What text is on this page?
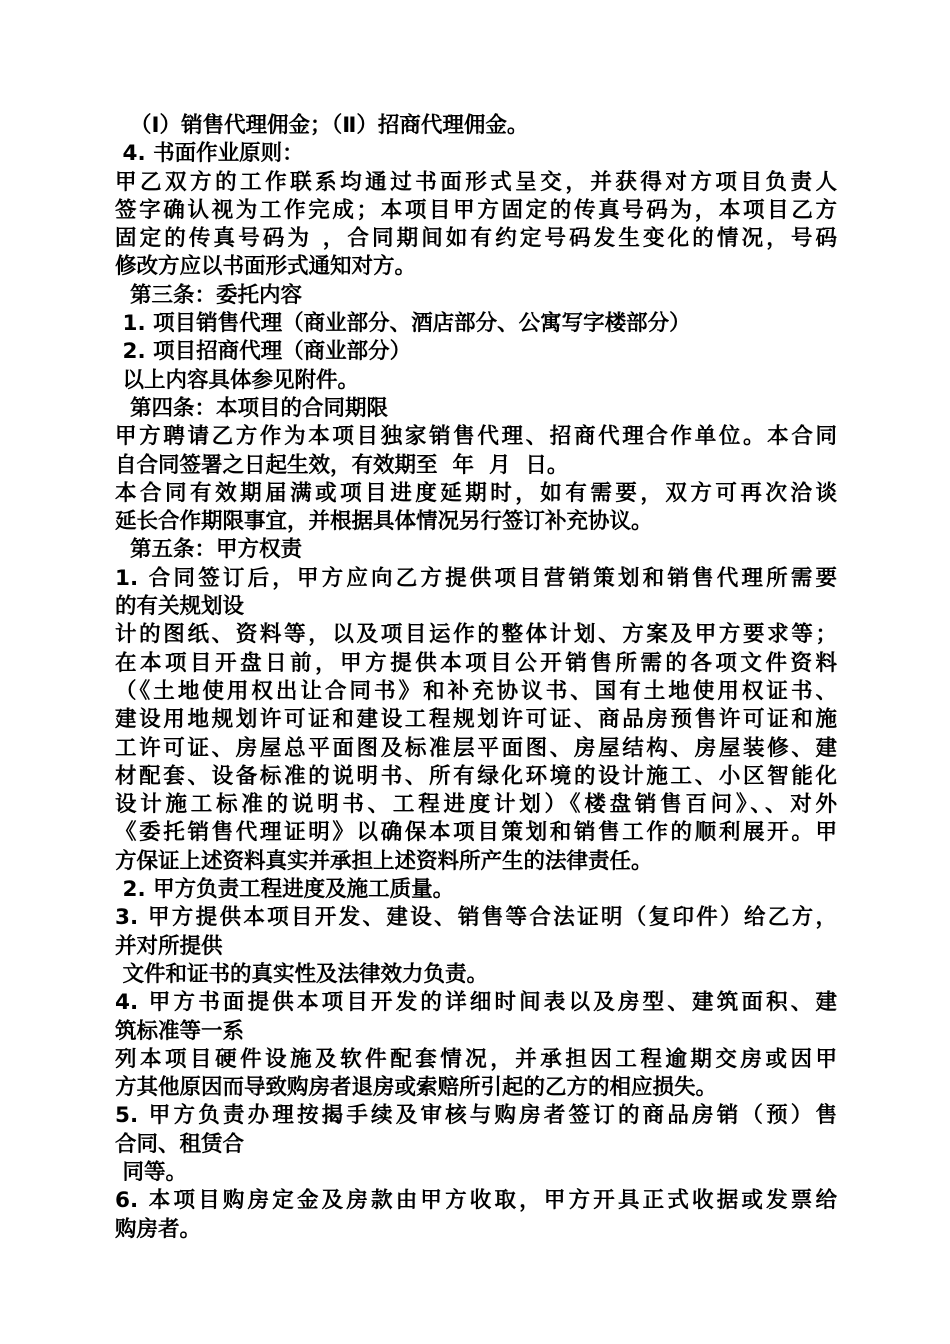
（Ⅰ）销售代理佣金；（Ⅱ）招商代理佣金。
4. 书面作业原则：
甲乙双方的工作联系均通过书面形式呈交，并获得对方项目负责人
签字确认视为工作完成；本项目甲方固定的传真号码为，本项目乙方
固定的传真号码为 ，合同期间如有约定号码发生变化的情况，号码
修改方应以书面形式通知对方。
第三条：委托内容
1. 项目销售代理（商业部分、酒店部分、公寓写字楼部分）
2. 项目招商代理（商业部分）
以上内容具体参见附件。
第四条：本项目的合同期限
甲方聘请乙方作为本项目独家销售代理、招商代理合作单位。本合同
自合同签署之日起生效，有效期至  年  月  日。
本合同有效期届满或项目进度延期时，如有需要，双方可再次洽谈
延长合作期限事宜，并根据具体情况另行签订补充协议。
第五条：甲方权责
1. 合同签订后，甲方应向乙方提供项目营销策划和销售代理所需要
的有关规划设
计的图纸、资料等，以及项目运作的整体计划、方案及甲方要求等；
在本项目开盘日前，甲方提供本项目公开销售所需的各项文件资料
（《土地使用权出让合同书》和补充协议书、国有土地使用权证书、
建设用地规划许可证和建设工程规划许可证、商品房预售许可证和施
工许可证、房屋总平面图及标准层平面图、房屋结构、房屋装修、建
材配套、设备标准的说明书、所有绿化环境的设计施工、小区智能化
设计施工标准的说明书、工程进度计划）《楼盘销售百问》、、对外
《委托销售代理证明》以确保本项目策划和销售工作的顺利展开。甲
方保证上述资料真实并承担上述资料所产生的法律责任。
2. 甲方负责工程进度及施工质量。
3. 甲方提供本项目开发、建设、销售等合法证明（复印件）给乙方，
并对所提供
文件和证书的真实性及法律效力负责。
4. 甲方书面提供本项目开发的详细时间表以及房型、建筑面积、建
筑标准等一系
列本项目硬件设施及软件配套情况，并承担因工程逾期交房或因甲
方其他原因而导致购房者退房或索赔所引起的乙方的相应损失。
5. 甲方负责办理按揭手续及审核与购房者签订的商品房销（预）售
合同、租赁合
同等。
6. 本项目购房定金及房款由甲方收取，甲方开具正式收据或发票给
购房者。
